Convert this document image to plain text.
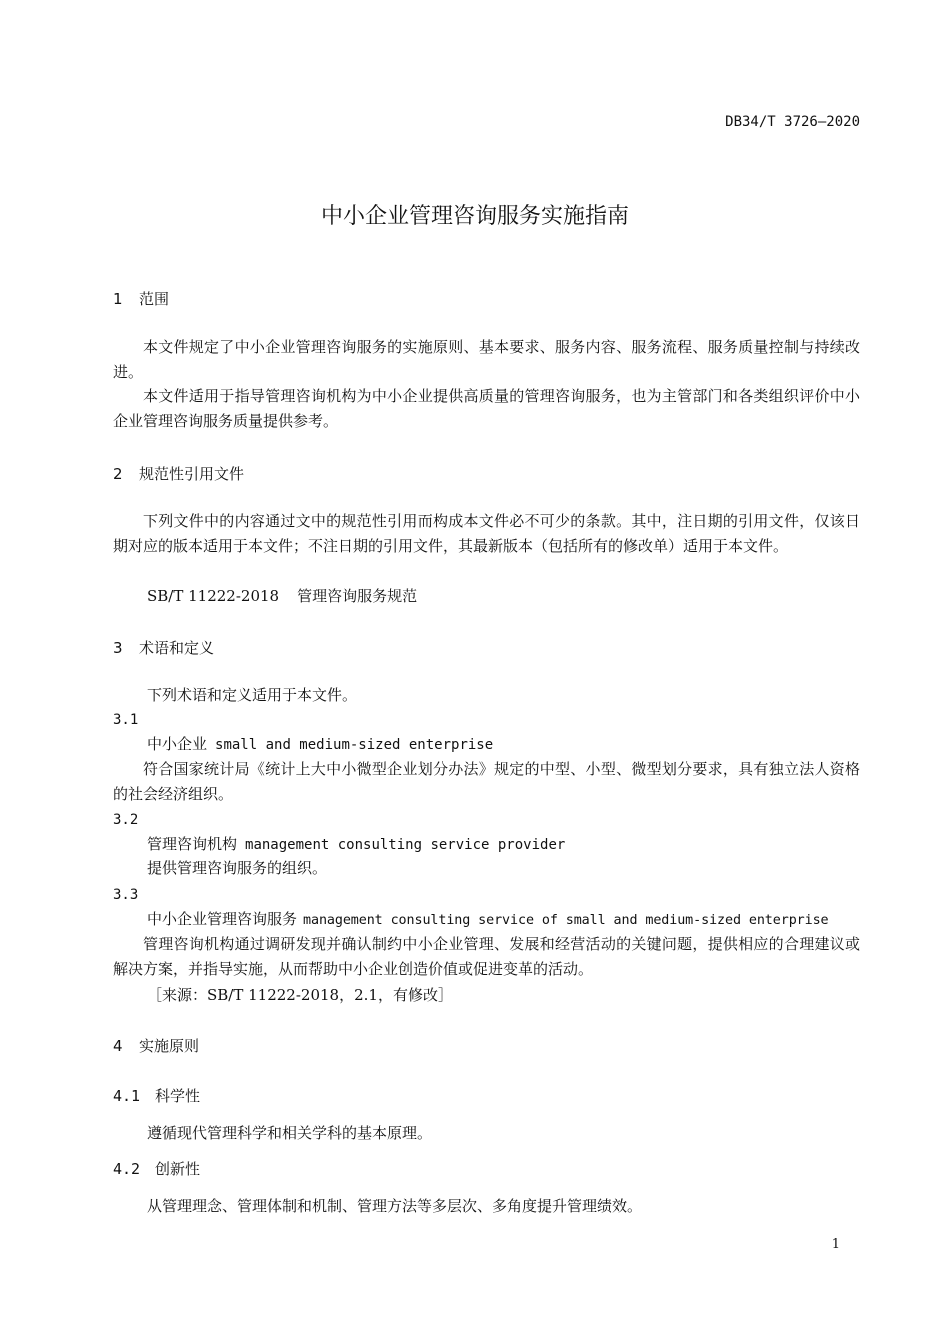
DB34/T 3726—2020
中小企业管理咨询服务实施指南
1 范围
本文件规定了中小企业管理咨询服务的实施原则、基本要求、服务内容、服务流程、服务质量控制与持续改进。
本文件适用于指导管理咨询机构为中小企业提供高质量的管理咨询服务，也为主管部门和各类组织评价中小企业管理咨询服务质量提供参考。
2 规范性引用文件
下列文件中的内容通过文中的规范性引用而构成本文件必不可少的条款。其中，注日期的引用文件，仅该日期对应的版本适用于本文件；不注日期的引用文件，其最新版本（包括所有的修改单）适用于本文件。
SB/T 11222-2018 管理咨询服务规范
3 术语和定义
下列术语和定义适用于本文件。
3.1
中小企业 small and medium-sized enterprise
符合国家统计局《统计上大中小微型企业划分办法》规定的中型、小型、微型划分要求，具有独立法人资格的社会经济组织。
3.2
管理咨询机构 management consulting service provider
提供管理咨询服务的组织。
3.3
中小企业管理咨询服务 management consulting service of small and medium-sized enterprise
管理咨询机构通过调研发现并确认制约中小企业管理、发展和经营活动的关键问题，提供相应的合理建议或解决方案，并指导实施，从而帮助中小企业创造价值或促进变革的活动。
［来源：SB/T 11222-2018，2.1，有修改］
4 实施原则
4.1 科学性
遵循现代管理科学和相关学科的基本原理。
4.2 创新性
从管理理念、管理体制和机制、管理方法等多层次、多角度提升管理绩效。
1
